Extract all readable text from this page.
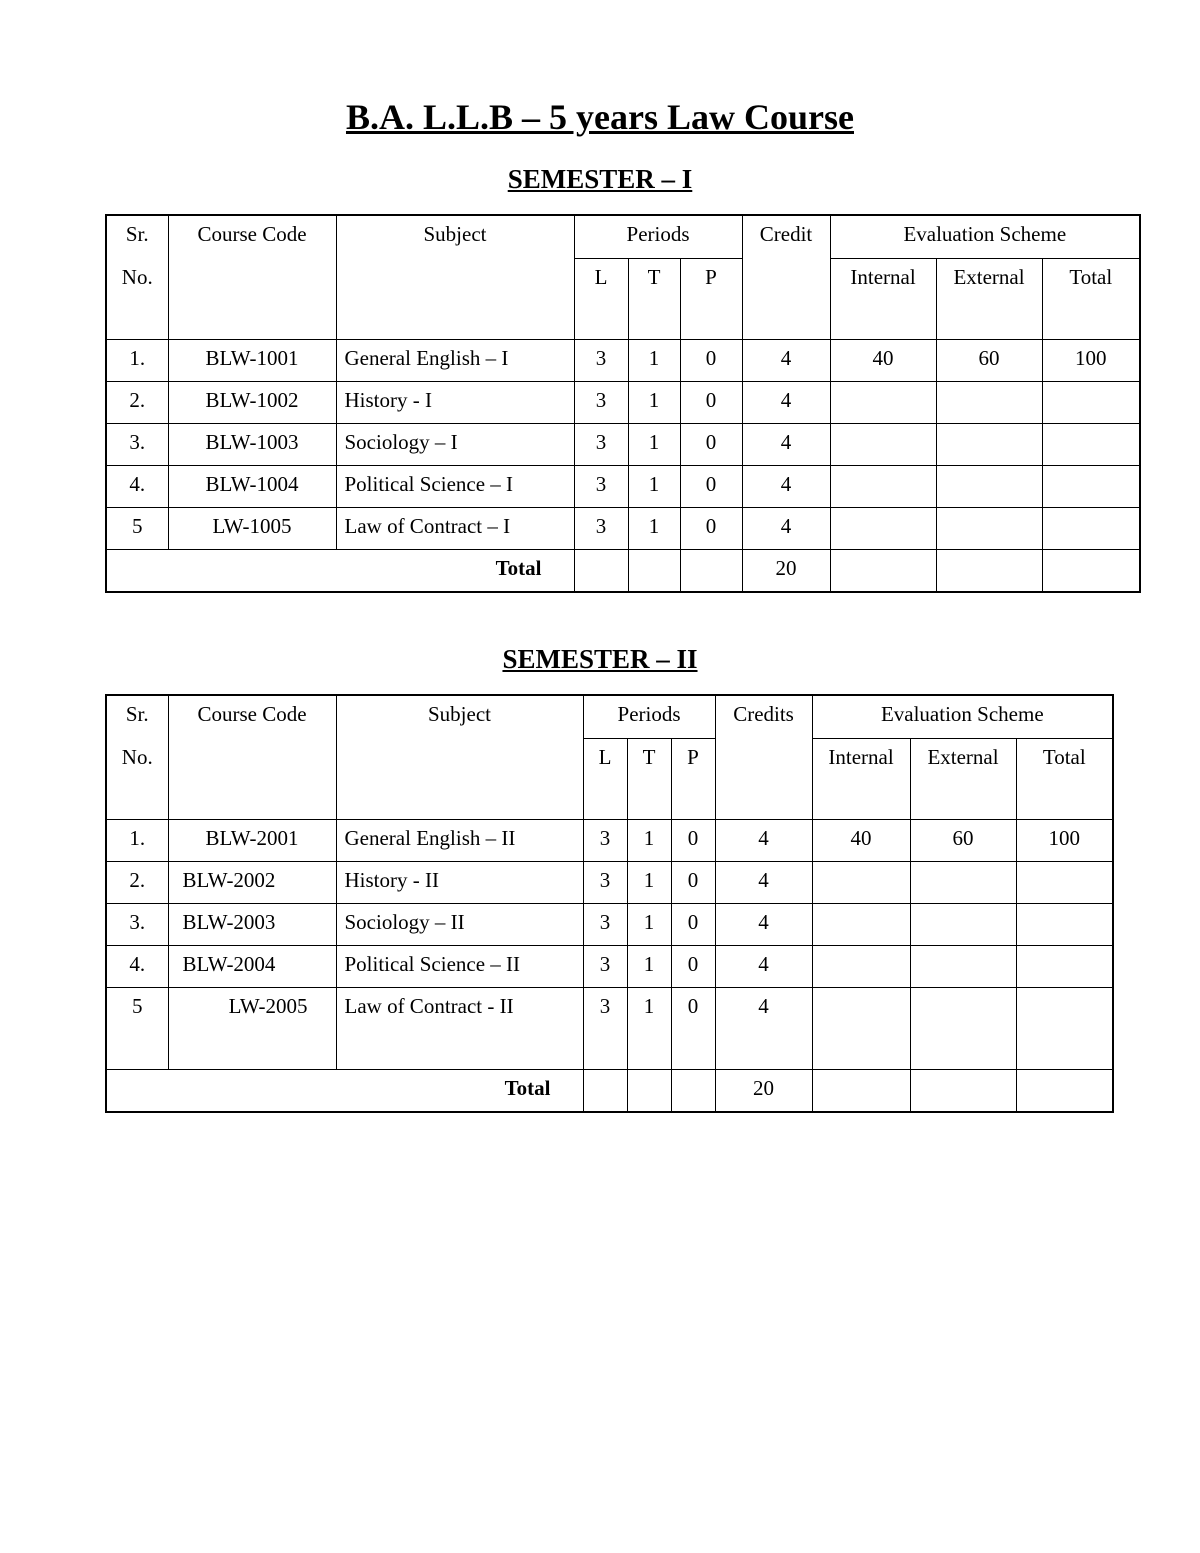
B.A. L.L.B – 5 years Law Course
SEMESTER – I
Sr.	Course Code	Subject	Periods			Credit	Evaluation Scheme		
No.			L	T	P		Internal	External	Total
1.	BLW-1001	General English – I	3	1	0	4	40	60	100
2.	BLW-1002	History - I	3	1	0	4			
3.	BLW-1003	Sociology – I	3	1	0	4			
4.	BLW-1004	Political Science – I	3	1	0	4			
5	LW-1005	Law of Contract – I	3	1	0	4			
Total						20			
SEMESTER – II
Sr.	Course Code	Subject	Periods			Credits	Evaluation Scheme		
No.			L	T	P		Internal	External	Total
1.	BLW-2001	General English – II	3	1	0	4	40	60	100
2.	BLW-2002	History - II	3	1	0	4			
3.	BLW-2003	Sociology – II	3	1	0	4			
4.	BLW-2004	Political Science – II	3	1	0	4			
5	LW-2005	Law of Contract - II	3	1	0	4			
Total						20			
